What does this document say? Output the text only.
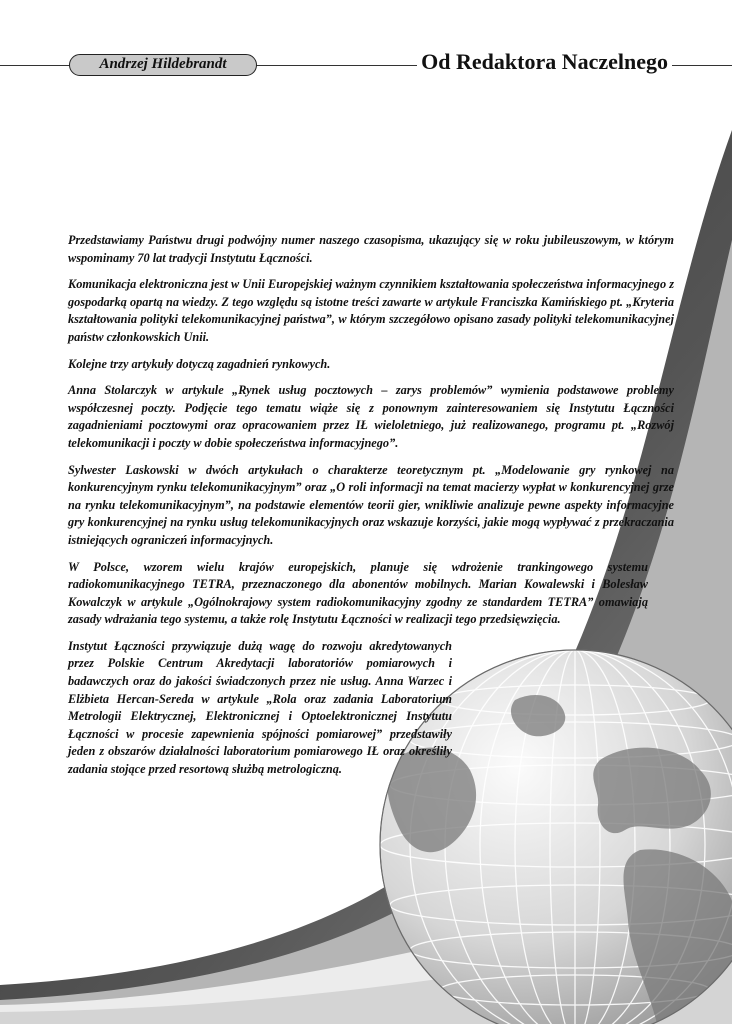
Andrzej Hildebrandt	Od Redaktora Naczelnego

Przedstawiamy Państwu drugi podwójny numer naszego czasopisma, ukazujący się w roku jubileuszowym, w którym wspominamy 70 lat tradycji Instytutu Łączności.

Komunikacja elektroniczna jest w Unii Europejskiej ważnym czynnikiem kształtowania społeczeństwa informacyjnego z gospodarką opartą na wiedzy. Z tego względu są istotne treści zawarte w artykule Franciszka Kamińskiego pt. „Kryteria kształtowania polityki telekomunikacyjnej państwa”, w którym szczegółowo opisano zasady polityki telekomunikacyjnej państw członkowskich Unii.

Kolejne trzy artykuły dotyczą zagadnień rynkowych.

Anna Stolarczyk w artykule „Rynek usług pocztowych – zarys problemów” wymienia podstawowe problemy współczesnej poczty. Podjęcie tego tematu wiąże się z ponownym zainteresowaniem się Instytutu Łączności zagadnieniami pocztowymi oraz opracowaniem przez IŁ wieloletniego, już realizowanego, programu pt. „Rozwój telekomunikacji i poczty w dobie społeczeństwa informacyjnego”.

Sylwester Laskowski w dwóch artykułach o charakterze teoretycznym pt. „Modelowanie gry rynkowej na konkurencyjnym rynku telekomunikacyjnym” oraz „O roli informacji na temat macierzy wypłat w konkurencyjnej grze na rynku telekomunikacyjnym”, na podstawie elementów teorii gier, wnikliwie analizuje pewne aspekty informacyjne gry konkurencyjnej na rynku usług telekomunikacyjnych oraz wskazuje korzyści, jakie mogą wypływać z przekraczania istniejących ograniczeń informacyjnych.

W Polsce, wzorem wielu krajów europejskich, planuje się wdrożenie trankingowego systemu radiokomunikacyjnego TETRA, przeznaczonego dla abonentów mobilnych. Marian Kowalewski i Bolesław Kowalczyk w artykule „Ogólnokrajowy system radiokomunikacyjny zgodny ze standardem TETRA” omawiają zasady wdrażania tego systemu, a także rolę Instytutu Łączności w realizacji tego przedsięwzięcia.

Instytut Łączności przywiązuje dużą wagę do rozwoju akredytowanych przez Polskie Centrum Akredytacji laboratoriów pomiarowych i badawczych oraz do jakości świadczonych przez nie usług. Anna Warzec i Elżbieta Hercan-Sereda w artykule „Rola oraz zadania Laboratorium Metrologii Elektrycznej, Elektronicznej i Optoelektronicznej Instytutu Łączności w procesie zapewnienia spójności pomiarowej” przedstawiły jeden z obszarów działalności laboratorium pomiarowego IŁ oraz określiły zadania stojące przed resortową służbą metrologiczną.
